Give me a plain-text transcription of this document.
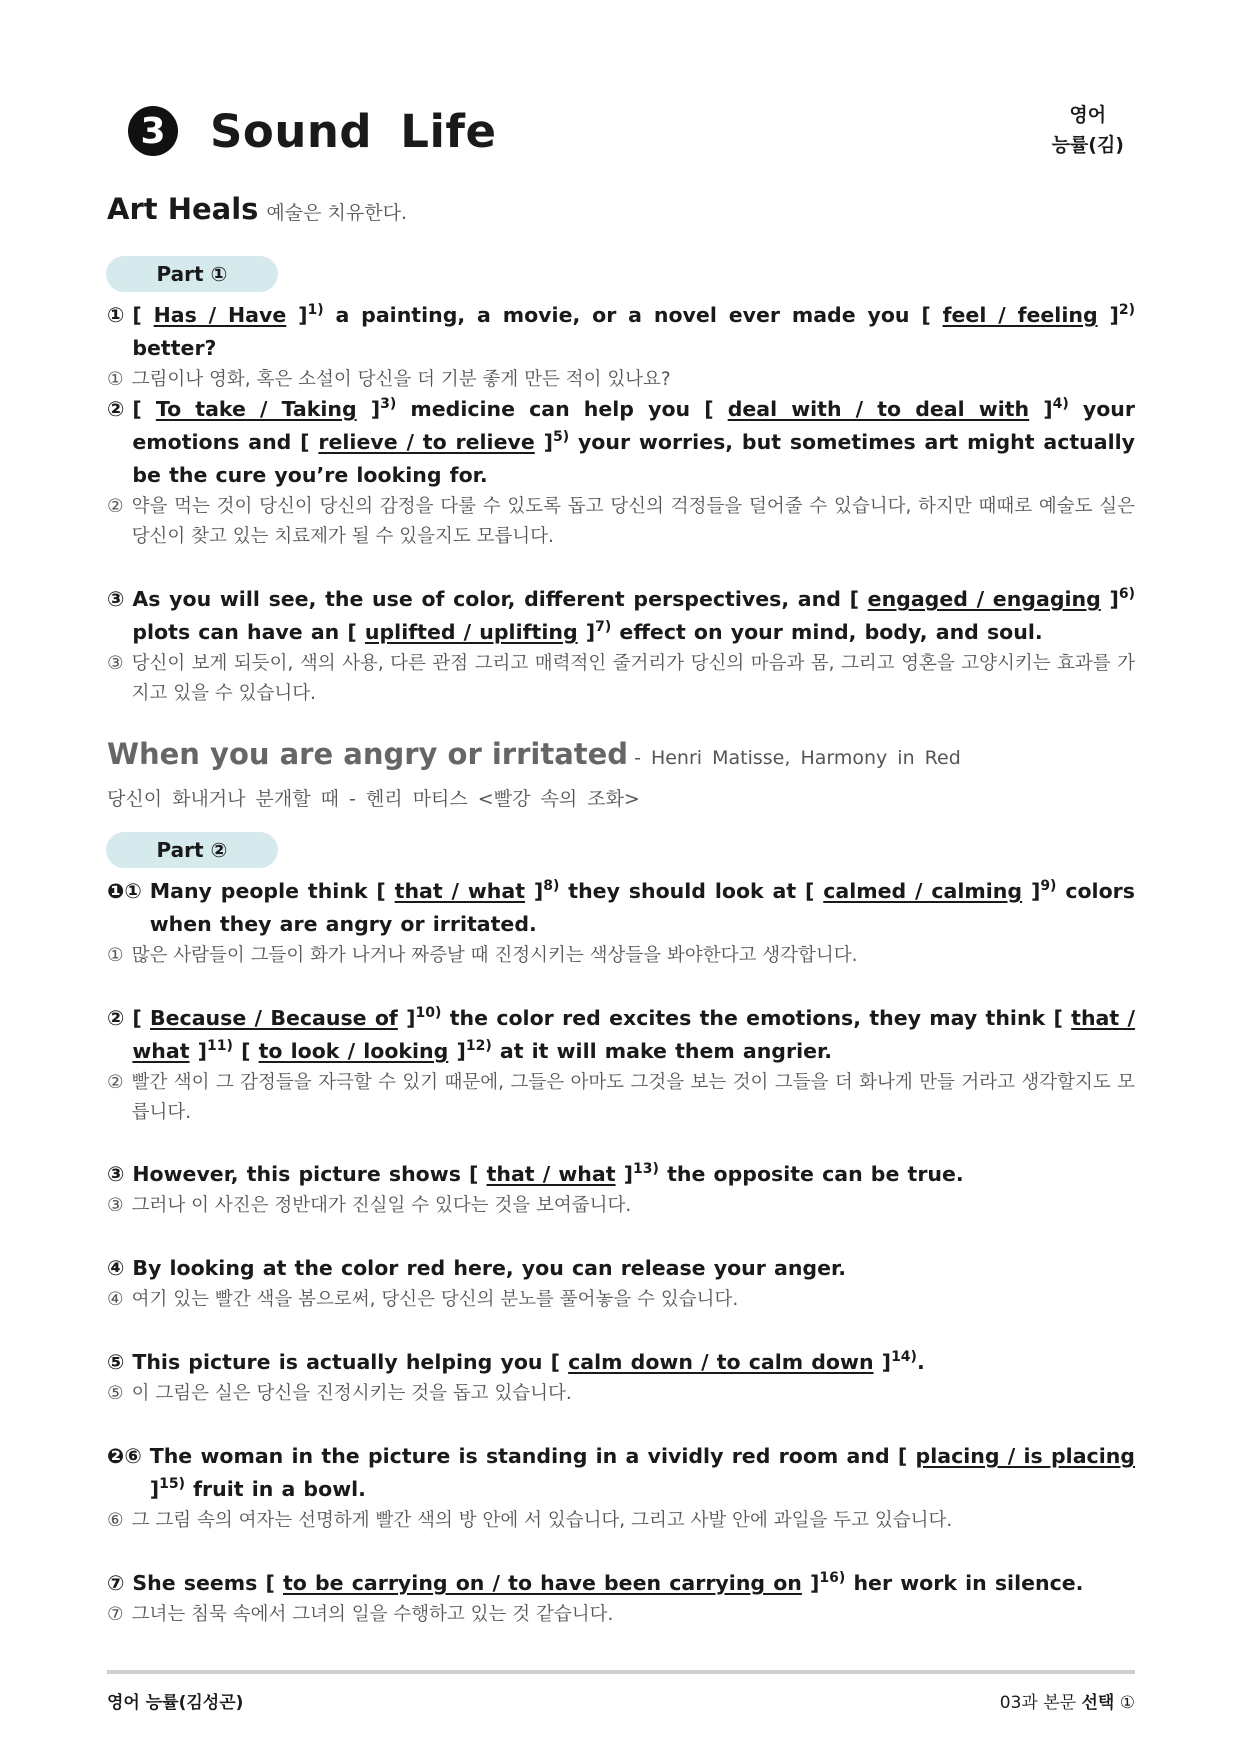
3 Sound Life	영어
능률(김)
Art Heals 예술은 치유한다.
Part ①
① [ Has / Have ]$^{1)}$ a painting, a movie, or a novel ever made you [ feel / feeling ]$^{2)}$ better?
① 그림이나 영화, 혹은 소설이 당신을 더 기분 좋게 만든 적이 있나요?
② [ To take / Taking ]$^{3)}$ medicine can help you [ deal with / to deal with ]$^{4)}$ your emotions and [ relieve / to relieve ]$^{5)}$ your worries, but sometimes art might actually be the cure you’re looking for.
② 약을 먹는 것이 당신이 당신의 감정을 다룰 수 있도록 돕고 당신의 걱정들을 덜어줄 수 있습니다, 하지만 때때로 예술도 실은 당신이 찾고 있는 치료제가 될 수 있을지도 모릅니다.
③ As you will see, the use of color, different perspectives, and [ engaged / engaging ]$^{6)}$ plots can have an [ uplifted / uplifting ]$^{7)}$ effect on your mind, body, and soul.
③ 당신이 보게 되듯이, 색의 사용, 다른 관점 그리고 매력적인 줄거리가 당신의 마음과 몸, 그리고 영혼을 고양시키는 효과를 가지고 있을 수 있습니다.
When you are angry or irritated - Henri Matisse, Harmony in Red
당신이 화내거나 분개할 때 - 헨리 마티스 <빨강 속의 조화>
Part ②
❶① Many people think [ that / what ]$^{8)}$ they should look at [ calmed / calming ]$^{9)}$ colors when they are angry or irritated.
① 많은 사람들이 그들이 화가 나거나 짜증날 때 진정시키는 색상들을 봐야한다고 생각합니다.
② [ Because / Because of ]$^{10)}$ the color red excites the emotions, they may think [ that / what ]$^{11)}$ [ to look / looking ]$^{12)}$ at it will make them angrier.
② 빨간 색이 그 감정들을 자극할 수 있기 때문에, 그들은 아마도 그것을 보는 것이 그들을 더 화나게 만들 거라고 생각할지도 모릅니다.
③ However, this picture shows [ that / what ]$^{13)}$ the opposite can be true.
③ 그러나 이 사진은 정반대가 진실일 수 있다는 것을 보여줍니다.
④ By looking at the color red here, you can release your anger.
④ 여기 있는 빨간 색을 봄으로써, 당신은 당신의 분노를 풀어놓을 수 있습니다.
⑤ This picture is actually helping you [ calm down / to calm down ]$^{14)}$.
⑤ 이 그림은 실은 당신을 진정시키는 것을 돕고 있습니다.
❷⑥ The woman in the picture is standing in a vividly red room and [ placing / is placing ]$^{15)}$ fruit in a bowl.
⑥ 그 그림 속의 여자는 선명하게 빨간 색의 방 안에 서 있습니다, 그리고 사발 안에 과일을 두고 있습니다.
⑦ She seems [ to be carrying on / to have been carrying on ]$^{16)}$ her work in silence.
⑦ 그녀는 침묵 속에서 그녀의 일을 수행하고 있는 것 같습니다.
영어 능률(김성곤)	03과 본문 선택 ①
